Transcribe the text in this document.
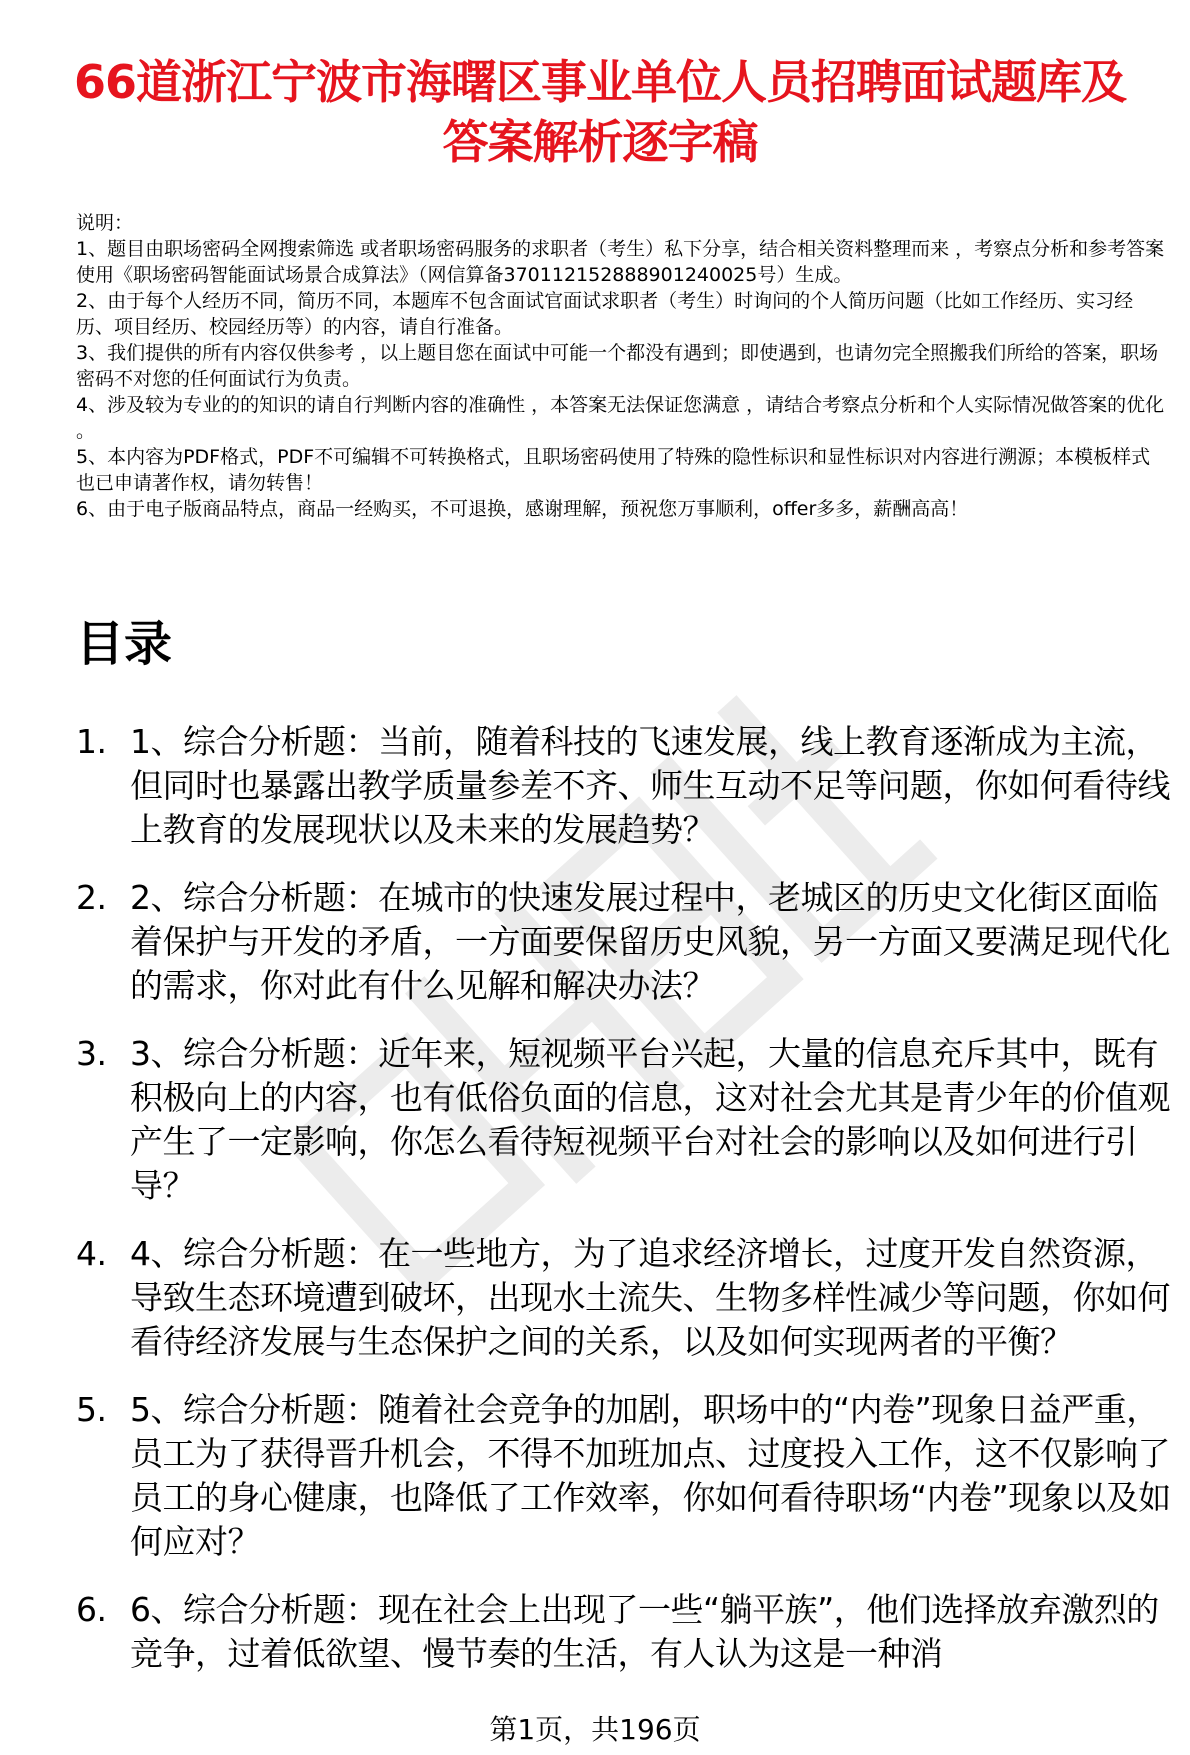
66道浙江宁波市海曙区事业单位人员招聘面试题库及答案解析逐字稿

说明：

1、题目由职场密码全网搜索筛选 或者职场密码服务的求职者（考生）私下分享，结合相关资料整理而来 ，考察点分析和参考答案使用《职场密码智能面试场景合成算法》（网信算备370112152888901240025号）生成。

2、由于每个人经历不同，简历不同，本题库不包含面试官面试求职者（考生）时询问的个人简历问题（比如工作经历、实习经历、项目经历、校园经历等）的内容，请自行准备。

3、我们提供的所有内容仅供参考 ，以上题目您在面试中可能一个都没有遇到；即使遇到，也请勿完全照搬我们所给的答案，职场密码不对您的任何面试行为负责。

4、涉及较为专业的的知识的请自行判断内容的准确性 ，本答案无法保证您满意 ，请结合考察点分析和个人实际情况做答案的优化 。

5、本内容为PDF格式，PDF不可编辑不可转换格式，且职场密码使用了特殊的隐性标识和显性标识对内容进行溯源；本模板样式也已申请著作权，请勿转售！

6、由于电子版商品特点，商品一经购买，不可退换，感谢理解，预祝您万事顺利，offer多多，薪酬高高！

目录
1. 1、综合分析题：当前，随着科技的飞速发展，线上教育逐渐成为主流，但同时也暴露出教学质量参差不齐、师生互动不足等问题，你如何看待线上教育的发展现状以及未来的发展趋势？
2. 2、综合分析题：在城市的快速发展过程中，老城区的历史文化街区面临着保护与开发的矛盾，一方面要保留历史风貌，另一方面又要满足现代化的需求，你对此有什么见解和解决办法？
3. 3、综合分析题：近年来，短视频平台兴起，大量的信息充斥其中，既有积极向上的内容，也有低俗负面的信息，这对社会尤其是青少年的价值观产生了一定影响，你怎么看待短视频平台对社会的影响以及如何进行引导？
4. 4、综合分析题：在一些地方，为了追求经济增长，过度开发自然资源，导致生态环境遭到破坏，出现水土流失、生物多样性减少等问题，你如何看待经济发展与生态保护之间的关系，以及如何实现两者的平衡？
5. 5、综合分析题：随着社会竞争的加剧，职场中的“内卷”现象日益严重，员工为了获得晋升机会，不得不加班加点、过度投入工作，这不仅影响了员工的身心健康，也降低了工作效率，你如何看待职场“内卷”现象以及如何应对？
6. 6、综合分析题：现在社会上出现了一些“躺平族”，他们选择放弃激烈的竞争，过着低欲望、慢节奏的生活，有人认为这是一种消
第1页，共196页
